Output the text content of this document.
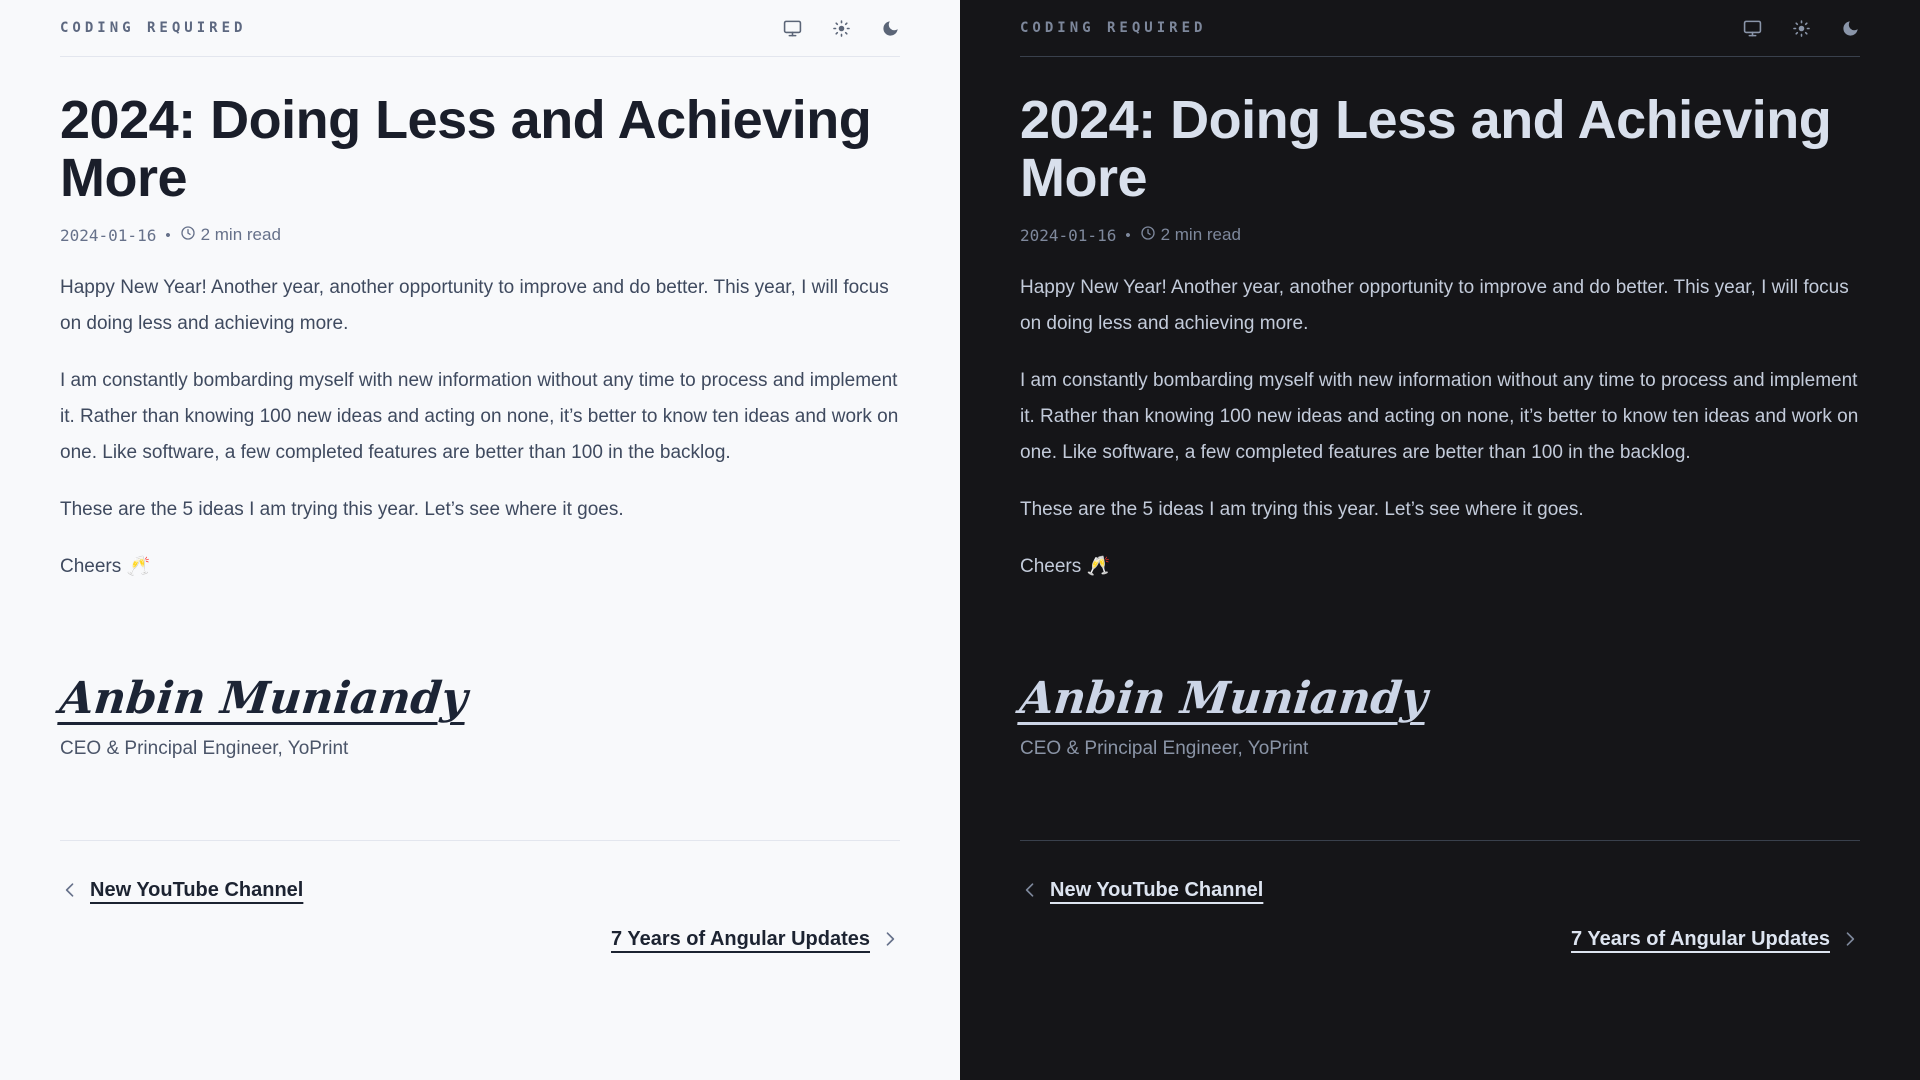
CODING REQUIRED
2024: Doing Less and Achieving More
2024-01-16 • 2 min read

Happy New Year! Another year, another opportunity to improve and do better. This year, I will focus on doing less and achieving more.

I am constantly bombarding myself with new information without any time to process and implement it. Rather than knowing 100 new ideas and acting on none, it’s better to know ten ideas and work on one. Like software, a few completed features are better than 100 in the backlog.

These are the 5 ideas I am trying this year. Let’s see where it goes.

Cheers 🥂

Anbin Muniandy
CEO & Principal Engineer, YoPrint
New YouTube Channel
7 Years of Angular Updates
CODING REQUIRED
2024: Doing Less and Achieving More
2024-01-16 • 2 min read

Happy New Year! Another year, another opportunity to improve and do better. This year, I will focus on doing less and achieving more.

I am constantly bombarding myself with new information without any time to process and implement it. Rather than knowing 100 new ideas and acting on none, it’s better to know ten ideas and work on one. Like software, a few completed features are better than 100 in the backlog.

These are the 5 ideas I am trying this year. Let’s see where it goes.

Cheers 🥂

Anbin Muniandy
CEO & Principal Engineer, YoPrint
New YouTube Channel
7 Years of Angular Updates
